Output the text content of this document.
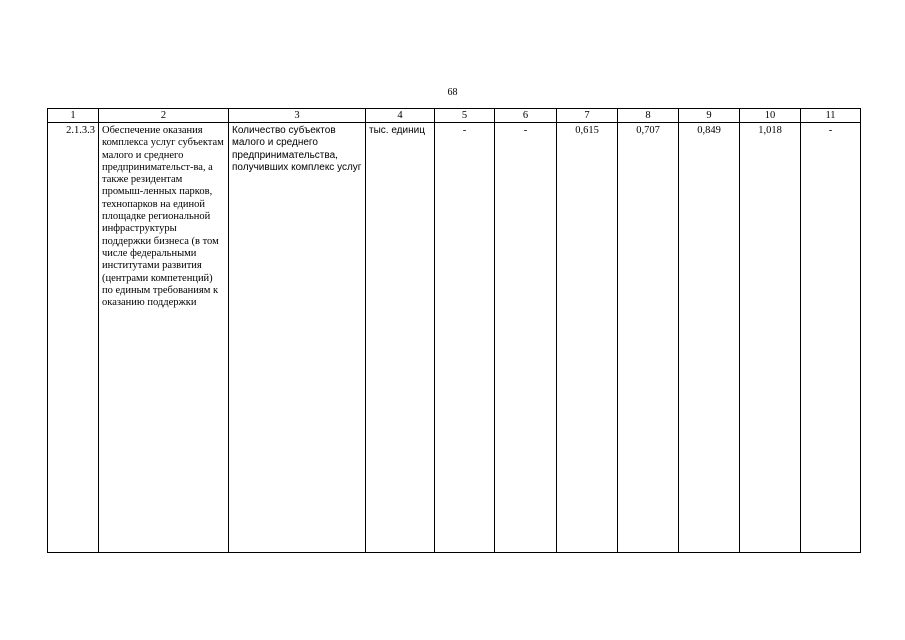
68
1	2	3	4	5	6	7	8	9	10	11
2.1.3.3	Обеспечение оказания комплекса услуг субъектам малого и среднего предпринимательст-ва, а также резидентам промыш-ленных парков, технопарков на единой площадке региональной инфраструктуры поддержки бизнеса (в том числе федеральными институтами развития (центрами компетенций) по единым требованиям к оказанию поддержки	Количество субъектов малого и среднего предпринимательства, получивших комплекс услуг	тыс. единиц	-	-	0,615	0,707	0,849	1,018	-
